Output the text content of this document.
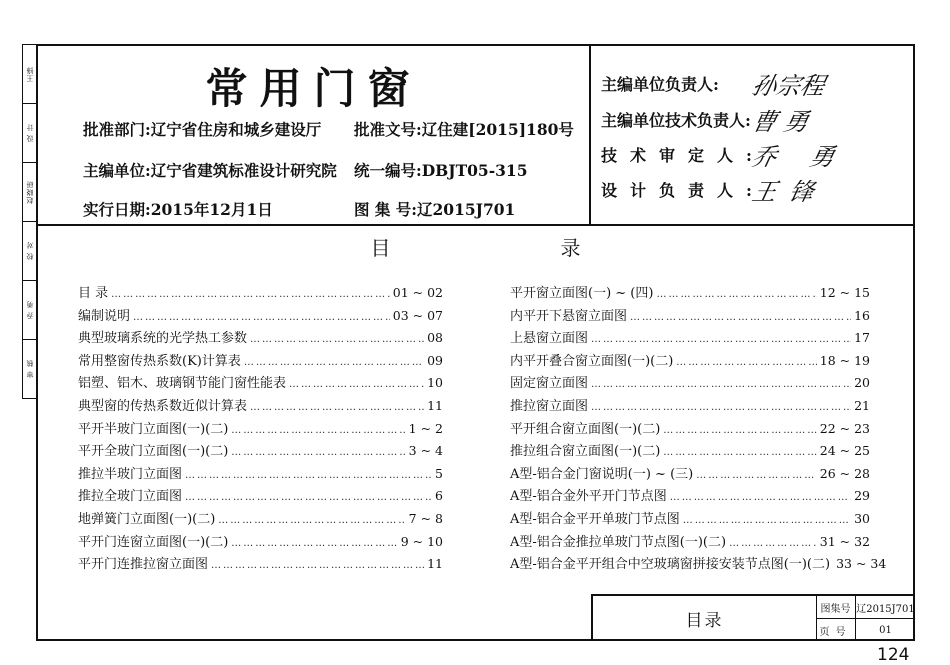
王锋
设 计
赵晓研
校 对
乔 勇
审 核
常用门窗
批准部门:辽宁省住房和城乡建设厅 批准文号:辽住建[2015]180号
主编单位:辽宁省建筑标准设计研究院 统一编号:DBJT05-315
实行日期:2015年12月1日	图 集 号:辽2015J701
主编单位负责人: 孙宗程
主编单位技术负责人:
曹 勇
技术审定人:
乔 勇
设计负责人:
王锋
目	录
目 录 ………………………………………………………………………………………………………………………………………	01 ~ 02
编制说明 ………………………………………………………………………………………………………………………………………	03 ~ 07
典型玻璃系统的光学热工参数 ………………………………………………………………………………………………………………………………………	08
常用整窗传热系数(K)计算表 ………………………………………………………………………………………………………………………………………	09
铝塑、铝木、玻璃钢节能门窗性能表 ………………………………………………………………………………………………………………………………………	10
典型窗的传热系数近似计算表 ………………………………………………………………………………………………………………………………………	11
平开半玻门立面图(一)(二) ………………………………………………………………………………………………………………………………………	1 ~ 2
平开全玻门立面图(一)(二) ………………………………………………………………………………………………………………………………………	3 ~ 4
推拉半玻门立面图 ………………………………………………………………………………………………………………………………………	5
推拉全玻门立面图 ………………………………………………………………………………………………………………………………………	6
地弹簧门立面图(一)(二) ………………………………………………………………………………………………………………………………………	7 ~ 8
平开门连窗立面图(一)(二) ………………………………………………………………………………………………………………………………………	9 ~ 10
平开门连推拉窗立面图 ………………………………………………………………………………………………………………………………………	11
平开窗立面图(一) ~ (四) ………………………………………………………………………………………………………………………………………	12 ~ 15
内平开下悬窗立面图 ………………………………………………………………………………………………………………………………………	16
上悬窗立面图 ………………………………………………………………………………………………………………………………………	17
内平开叠合窗立面图(一)(二) ………………………………………………………………………………………………………………………………………	18 ~ 19
固定窗立面图 ………………………………………………………………………………………………………………………………………	20
推拉窗立面图 ………………………………………………………………………………………………………………………………………	21
平开组合窗立面图(一)(二) ………………………………………………………………………………………………………………………………………	22 ~ 23
推拉组合窗立面图(一)(二) ………………………………………………………………………………………………………………………………………	24 ~ 25
A型-铝合金门窗说明(一) ~ (三) ………………………………………………………………………………………………………………………………………	26 ~ 28
A型-铝合金外平开门节点图 ………………………………………………………………………………………………………………………………………	29
A型-铝合金平开单玻门节点图 ………………………………………………………………………………………………………………………………………	30
A型-铝合金推拉单玻门节点图(一)(二) ………………………………………………………………………………………………………………………………………	31 ~ 32
A型-铝合金平开组合中空玻璃窗拼接安装节点图(一)(二) 33 ~ 34
目录
图集号 辽2015J701
页号	01
124
